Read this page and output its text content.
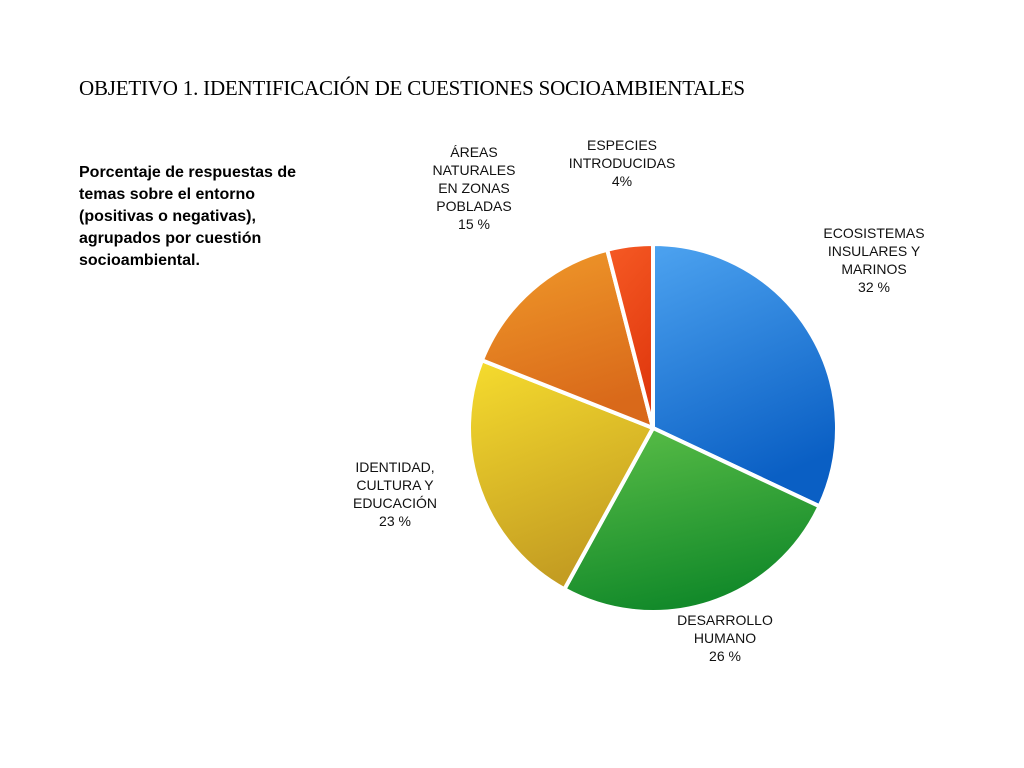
OBJETIVO 1. IDENTIFICACIÓN DE CUESTIONES SOCIOAMBIENTALES

Porcentaje de respuestas de temas sobre el entorno (positivas o negativas), agrupados por cuestión socioambiental.

ECOSISTEMAS INSULARES Y MARINOS 32 %
DESARROLLO HUMANO 26 %
IDENTIDAD, CULTURA Y EDUCACIÓN 23 %
ÁREAS NATURALES EN ZONAS POBLADAS 15 %
ESPECIES INTRODUCIDAS 4%
